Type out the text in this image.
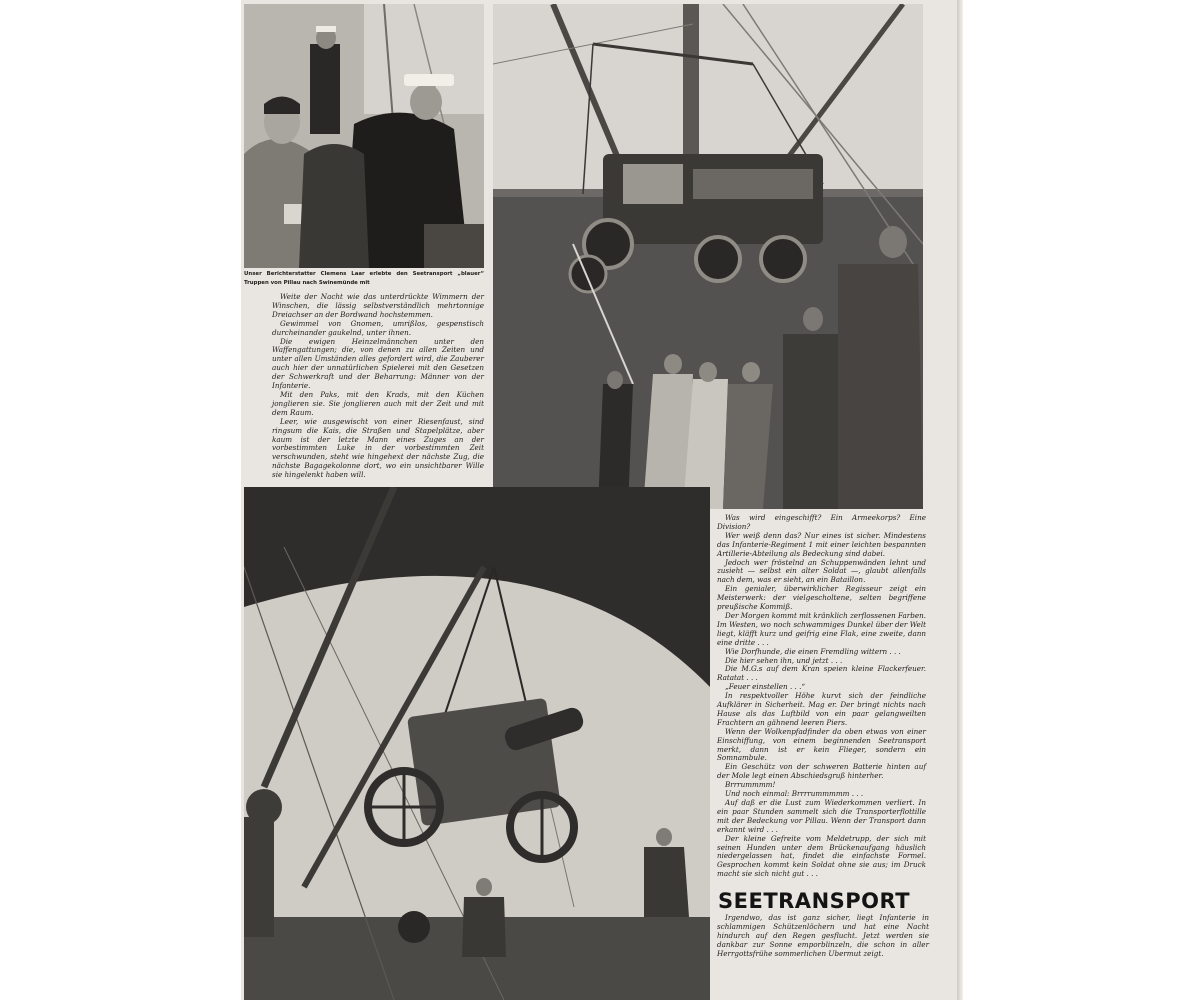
Unser Berichterstatter Clemens Laar erlebte den Seetransport „blauer“ Truppen von Pillau nach Swinemünde mit

Weite der Nacht wie das unterdrückte Wimmern der Winschen, die lässig selbstverständlich mehrtonnige Dreiachser an der Bordwand hochstemmen.

Gewimmel von Gnomen, umrißlos, gespenstisch durcheinander gaukelnd, unter ihnen.

Die ewigen Heinzelmännchen unter den Waffengattungen; die, von denen zu allen Zeiten und unter allen Umständen alles gefordert wird, die Zauberer auch hier der unnatürlichen Spielerei mit den Gesetzen der Schwerkraft und der Beharrung: Männer von der Infanterie.

Mit den Paks, mit den Krads, mit den Küchen jonglieren sie. Sie jonglieren auch mit der Zeit und mit dem Raum.

Leer, wie ausgewischt von einer Riesenfaust, sind ringsum die Kais, die Straßen und Stapelplätze, aber kaum ist der letzte Mann eines Zuges an der vorbestimmten Luke in der vorbestimmten Zeit verschwunden, steht wie hingehext der nächste Zug, die nächste Bagagekolonne dort, wo ein unsichtbarer Wille sie hingelenkt haben will.

Was wird eingeschifft? Ein Armeekorps? Eine Division?

Wer weiß denn das? Nur eines ist sicher. Mindestens das Infanterie-Regiment 1 mit einer leichten bespannten Artillerie-Abteilung als Bedeckung sind dabei.

Jedoch wer fröstelnd an Schuppenwänden lehnt und zusieht — selbst ein alter Soldat —, glaubt allenfalls nach dem, was er sieht, an ein Bataillon.

Ein genialer, überwirklicher Regisseur zeigt ein Meisterwerk: der vielgescholtene, selten begriffene preußische Kommiß.

Der Morgen kommt mit kränklich zerflossenen Farben. Im Westen, wo noch schwammiges Dunkel über der Welt liegt, kläfft kurz und geifrig eine Flak, eine zweite, dann eine dritte . . .

Wie Dorfhunde, die einen Fremdling wittern . . .

Die hier sehen ihn, und jetzt . . .

Die M.G.s auf dem Kran speien kleine Flackerfeuer. Ratatat . . .

„Feuer einstellen . . .“

In respektvoller Höhe kurvt sich der feindliche Aufklärer in Sicherheit. Mag er. Der bringt nichts nach Hause als das Luftbild von ein paar gelangweilten Frachtern an gähnend leeren Piers.

Wenn der Wolkenpfadfinder da oben etwas von einer Einschiffung, von einem beginnenden Seetransport merkt, dann ist er kein Flieger, sondern ein Somnambule.

Ein Geschütz von der schweren Batterie hinten auf der Mole legt einen Abschiedsgruß hinterher.

Brrrummmm!

Und noch einmal: Brrrrummmmm . . .

Auf daß er die Lust zum Wiederkommen verliert. In ein paar Stunden sammelt sich die Transporterflottille mit der Bedeckung vor Pillau. Wenn der Transport dann erkannt wird . . .

Der kleine Gefreite vom Meldetrupp, der sich mit seinen Hunden unter dem Brückenaufgang häuslich niedergelassen hat, findet die einfachste Formel. Gesprochen kommt kein Soldat ohne sie aus; im Druck macht sie sich nicht gut . . .

SEETRANSPORT

Irgendwo, das ist ganz sicher, liegt Infanterie in schlammigen Schützenlöchern und hat eine Nacht hindurch auf den Regen gesflucht. Jetzt werden sie dankbar zur Sonne emporblinzeln, die schon in aller Herrgottsfrühe sommerlichen Ubermut zeigt.
